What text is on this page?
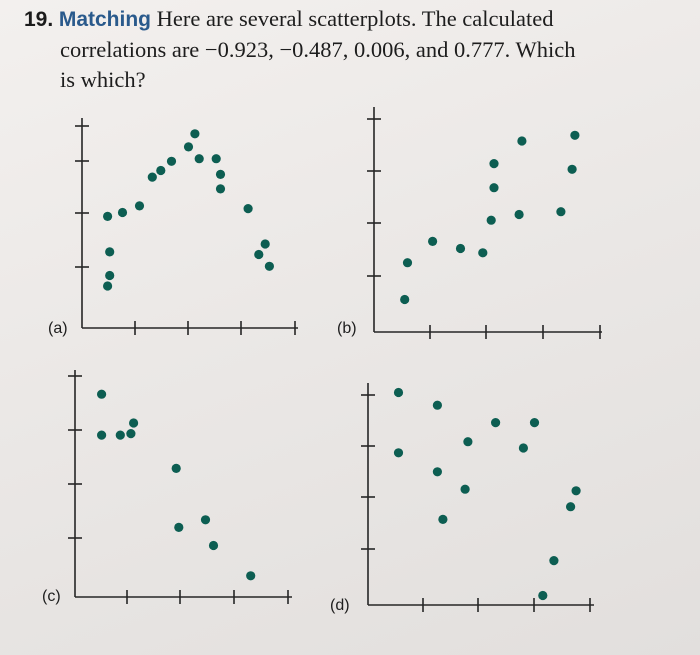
19. Matching Here are several scatterplots. The calculated
correlations are −0.923, −0.487, 0.006, and 0.777. Which
is which?
(a)	(b)
(c)
(d)
